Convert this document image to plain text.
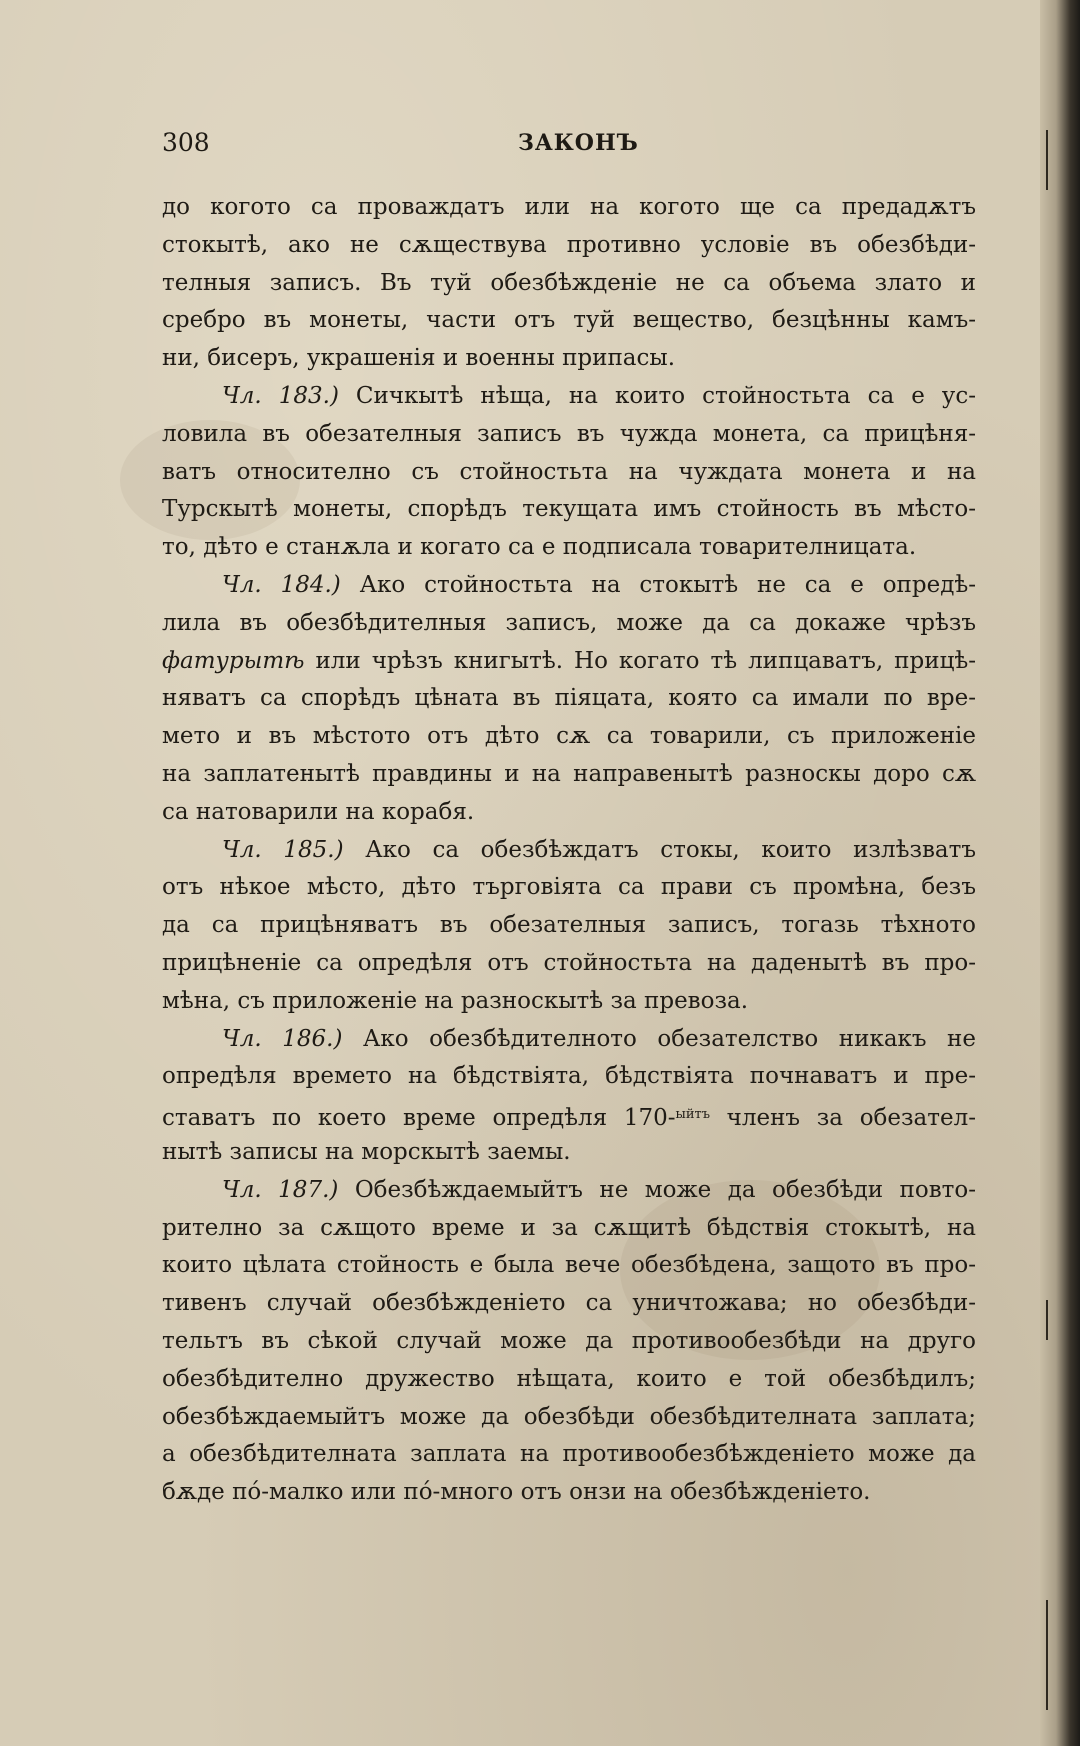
308	ЗАКОНЪ
до когото са проваждатъ или на когото ще са предадѫтъ
стокытѣ, ако не сѫществува противно условіе въ обезбѣди-
телныя записъ. Въ туй обезбѣжденіе не са объема злато и
сребро въ монеты, части отъ туй вещество, безцѣнны камъ-
ни, бисеръ, украшенія и военны припасы.
Чл. 183.) Сичкытѣ нѣща, на които стойностьта са е ус-
ловила въ обезателныя записъ въ чужда монета, са прицѣня-
ватъ относително съ стойностьта на чуждата монета и на
Турскытѣ монеты, спорѣдъ текущата имъ стойность въ мѣсто-
то, дѣто е станѫла и когато са е подписала товарителницата.
Чл. 184.) Ако стойностьта на стокытѣ не са е опредѣ-
лила въ обезбѣдителныя записъ, може да са докаже чрѣзъ
фатурытѣ или чрѣзъ книгытѣ. Но когато тѣ липцаватъ, прицѣ-
няватъ са спорѣдъ цѣната въ піяцата, която са имали по вре-
мето и въ мѣстото отъ дѣто сѫ са товарили, съ приложеніе
на заплатенытѣ правдины и на направенытѣ разноскы доро сѫ
са натоварили на корабя.
Чл. 185.) Ако са обезбѣждатъ стокы, които излѣзватъ
отъ нѣкое мѣсто, дѣто търговіята са прави съ промѣна, безъ
да са прицѣняватъ въ обезателныя записъ, тогазь тѣхното
прицѣненіе са опредѣля отъ стойностьта на даденытѣ въ про-
мѣна, съ приложеніе на разноскытѣ за превоза.
Чл. 186.) Ако обезбѣдителното обезателство никакъ не
опредѣля времето на бѣдствіята, бѣдствіята почнаватъ и пре-
ставатъ по което време опредѣля 170-$^{ыйтъ}$ членъ за обезател-
нытѣ записы на морскытѣ заемы.
Чл. 187.) Обезбѣждаемыйтъ не може да обезбѣди повто-
рително за сѫщото време и за сѫщитѣ бѣдствія стокытѣ, на
които цѣлата стойность е была вече обезбѣдена, защото въ про-
тивенъ случай обезбѣжденіето са уничтожава; но обезбѣди-
тельтъ въ сѣкой случай може да противообезбѣди на друго
обезбѣдително дружество нѣщата, които е той обезбѣдилъ;
обезбѣждаемыйтъ може да обезбѣди обезбѣдителната заплата;
а обезбѣдителната заплата на противообезбѣжденіето може да
бѫде по́-малко или по́-много отъ онзи на обезбѣжденіето.
